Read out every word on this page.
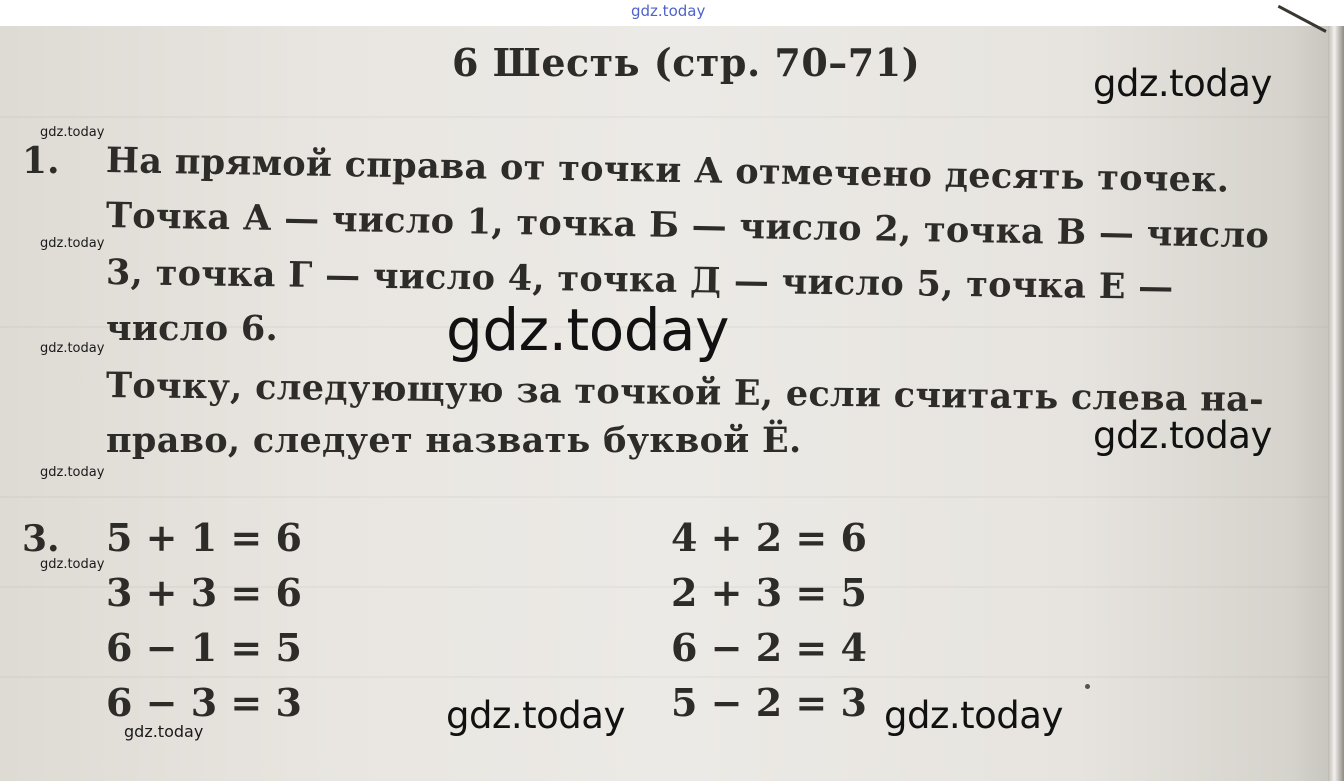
gdz.today
6 Шесть (стр. 70–71)
1. На прямой справа от точки А отмечено десять точек.
Точка А — число 1, точка Б — число 2, точка В — число
3, точка Г — число 4, точка Д — число 5, точка Е —
число 6.
Точку, следующую за точкой Е, если считать слева на-
право, следует назвать буквой Ё.
3. 5 + 1 = 6
3 + 3 = 6
6 − 1 = 5
6 − 3 = 3
4 + 2 = 6
2 + 3 = 5
6 − 2 = 4
5 − 2 = 3
gdz.today
gdz.today
gdz.today
gdz.today	gdz.today
gdz.today
gdz.today
gdz.today
gdz.today
gdz.today
gdz.today
